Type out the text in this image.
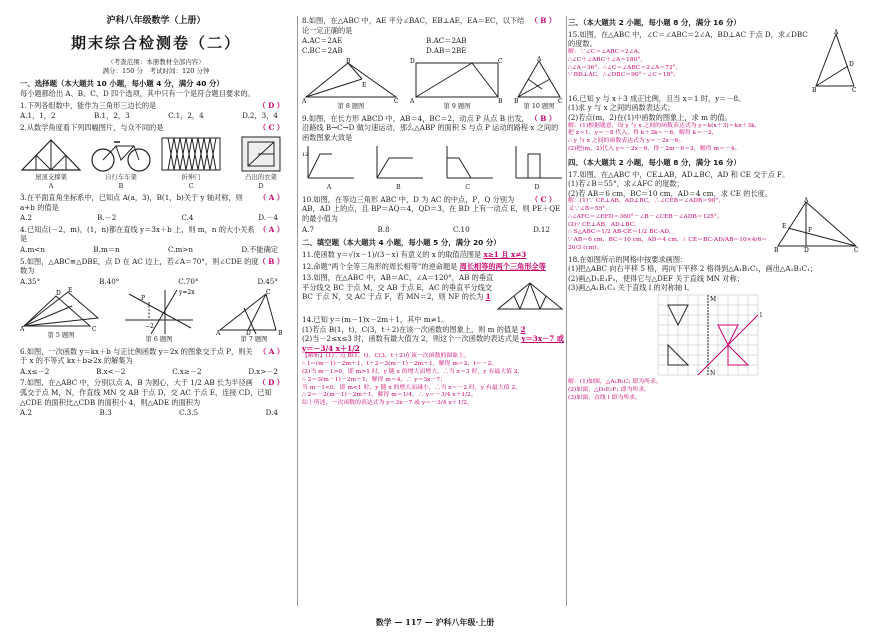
沪科八年级数学（上册）
期末综合检测卷（二）
（考查范围：本册教材全部内容）
满分：150 分　考试时间：120 分钟
一、选择题（本大题共 10 小题，每小题 4 分，满分 40 分）

每小题都给出 A、B、C、D 四个选项，其中只有一个是符合题目要求的。

（ D ）
1.下列各组数中，能作为三角形三边长的是
A.1，1，2	B.1，2，3	C.1，2，4	D.2，3，4
（ C ）
2.从数学角度看下列四幅图片，与众不同的是
屋顶支撑架
A
自行车车架
B
折伸门
C
凸出的衣架
D
（ A ）
3.在平面直角坐标系中，已知点 A(a，3)，B(1，b)关于 y 轴对称，则 a+b 的值是
A.2	B.－2	C.4	D.－4
（ A ）
4.已知点(－2，m)，(1，n)都在直线 y＝3x＋b 上，则 m，n 的大小关系是
A.m<n	B.m＝n	C.m>n	D.不能确定
（ B ）
5.如图，△ABC≌△DBE，点 D 在 AC 边上，若∠A＝70°，则∠CDE 的度数为
A.35°	B.40°	C.70°	D.45°
A
D
C
E
第 5 题图
P
−2
y=2x
第 6 题图
A	B
C
D
第 7 题图
（ A ）
6.如图，一次函数 y＝kx＋b 与正比例函数 y＝2x 的图象交于点 P，则关于 x 的不等式 kx＋b≥2x 的解集为
A.x≤－2	B.x<－2	C.x≥－2	D.x>－2
（ D ）
7.如图，在△ABC 中，分别以点 A，B 为圆心，大于 1/2 AB 长为半径画弧交于点 M，N，作直线 MN 交 AB 于点 D，交 AC 于点 E，连接 CD，已知△CDE 的面积比△CDB 的面积小 4，则△ADE 的面积为
A.2	B.3	C.3.5	D.4
（ B ）
8.如图，在△ABC 中，AE 平分∠BAC，EB⊥AE，EA＝EC，以下结论一定正确的是
A.AC＝2AE	B.AC＝2AB
C.BC＝2AB	D.AB＝2BE
A
B
C
E
第 8 题图
A	B
C
D
第 9 题图
B	C
A
第 10 题图
（ B ）
9.如图，在长方形 ABCD 中，AB＝4，BC＝2，动点 P 从点 B 出发，沿路线 B→C→D 做匀速运动，那么△ABP 的面积 S 与点 P 运动的路程 x 之间的函数图象大致是
12
A	B	C	D
（ C ）
10.如图，在等边三角形 ABC 中，D 为 AC 的中点，P，Q 分别为 AB，AD 上的点，且 BP＝AQ＝4，QD＝3，在 BD 上有一动点 E，则 PE＋QE 的最小值为
A.7	B.8	C.10	D.12
二、填空题（本大题共 4 小题，每小题 5 分，满分 20 分）
11.使函数 y＝√(x－1)/(3－x) 有意义的 x 的取值范围是 x≥1 且 x≠3
12.命题“两个全等三角形的周长相等”的逆命题是 周长相等的两个三角形全等
13.如图，在△ABC 中，AB＝AC，∠A＝120°，AB 的垂直平分线交 BC 于点 M，交 AB 于点 E，AC 的垂直平分线交 BC 于点 N，交 AC 于点 F，若 MN＝2，则 NF 的长为 1

14.已知 y＝(m－1)x－2m＋1，其中 m≠1。

(1)若点 B(1，t)，C(3，t＋2)在该一次函数的图象上，则 m 的值是 2

(2)当－2≤x≤3 时，函数有最大值为 2，则这个一次函数的表达式是 y＝3x－7 或 y＝－3/4 x＋1/2

【解析】(1)∵点 B(1，t)，C(3，t＋2)在该一次函数的图象上，

∴ t＝(m－1)－2m＋1，t＋2＝3(m－1)－2m＋1，解得 m＝2，t＝－2。

(2)当 m－1>0，即 m>1 时，y 随 x 的增大而增大，∴当 x＝3 时，y 有最大值 2，

∴ 2＝3(m－1)－2m＋1，解得 m＝4，∴ y＝3x－7；

当 m－1<0，即 m<1 时，y 随 x 的增大而减小，∴当 x＝－2 时，y 有最大值 2，

∴ 2＝－2(m－1)－2m＋1，解得 m＝1/4，∴ y＝－3/4 x＋1/2。

综上所述，一次函数的表达式为 y＝3x－7 或 y＝－3/4 x＋1/2。

三、（本大题共 2 小题，每小题 8 分，满分 16 分）

15.如图，在△ABC 中，∠C＝∠ABC＝2∠A，BD⊥AC 于点 D，求∠DBC 的度数。

解：∵∠C＝∠ABC＝2∠A，

∴∠C＋∠ABC＋∠A＝180°，

∴∠A＝36°，∴∠C＝∠ABC＝2∠A＝72°。

∵ BD⊥AC，∴∠DBC＝90°－∠C＝18°。

A
B	C
D

16.已知 y 与 x＋3 成正比例，且当 x＝1 时，y＝－8。

(1)求 y 与 x 之间的函数表达式；

(2)若点(m，2)在(1)中函数的图象上，求 m 的值。

解：(1)根据题意，设 y 与 x 之间的函数表达式为 y＝k(x＋3)＝kx＋3k，

把 x＝1，y＝－8 代入，得 k＋3k＝－8，解得 k＝－2，

∴ y 与 x 之间的函数表达式为 y＝－2x－6。

(2)把(m，2)代入 y＝－2x－6，得－2m－6＝2，解得 m＝－4。

四、（本大题共 2 小题，每小题 8 分，满分 16 分）

17.如图，在△ABC 中，CE⊥AB，AD⊥BC，AD 和 CE 交于点 F。

(1)若∠B＝55°，求∠AFC 的度数；

(2)若 AB＝6 cm，BC＝10 cm，AD＝4 cm，求 CE 的长度。

解：(1)∵ CE⊥AB，AD⊥BC，∴∠CEB＝∠ADB＝90°，

又∵∠B＝55°，

∴∠AFC＝∠EFD＝360°－∠B－∠CEB－∠ADB＝125°。

(2)∵ CE⊥AB，AD⊥BC，

∴ S△ABC＝1/2 AB·CE＝1/2 BC·AD，

∵ AB＝6 cm，BC＝10 cm，AD＝4 cm，∴ CE＝BC·AD/AB＝10×4/6＝20/3 (cm)。

A
B	C
D
E
F

18.在如图所示的网格中按要求画图：

(1)把△ABC 向右平移 5 格，再向下平移 2 格得到△A₁B₁C₁，画出△A₁B₁C₁；

(2)画△D₁E₁F₁，使得它与△DEF 关于直线 MN 对称；

(3)画△A₁B₁C₁ 关于直线 l 的对称轴 l。

M
N
l

解：(1)如图，△A₁B₁C₁ 即为所求。

(2)如图，△D₁E₁F₁ 即为所求。

(3)如图，直线 l 即为所求。

数学 — 117 — 沪科八年级·上册
